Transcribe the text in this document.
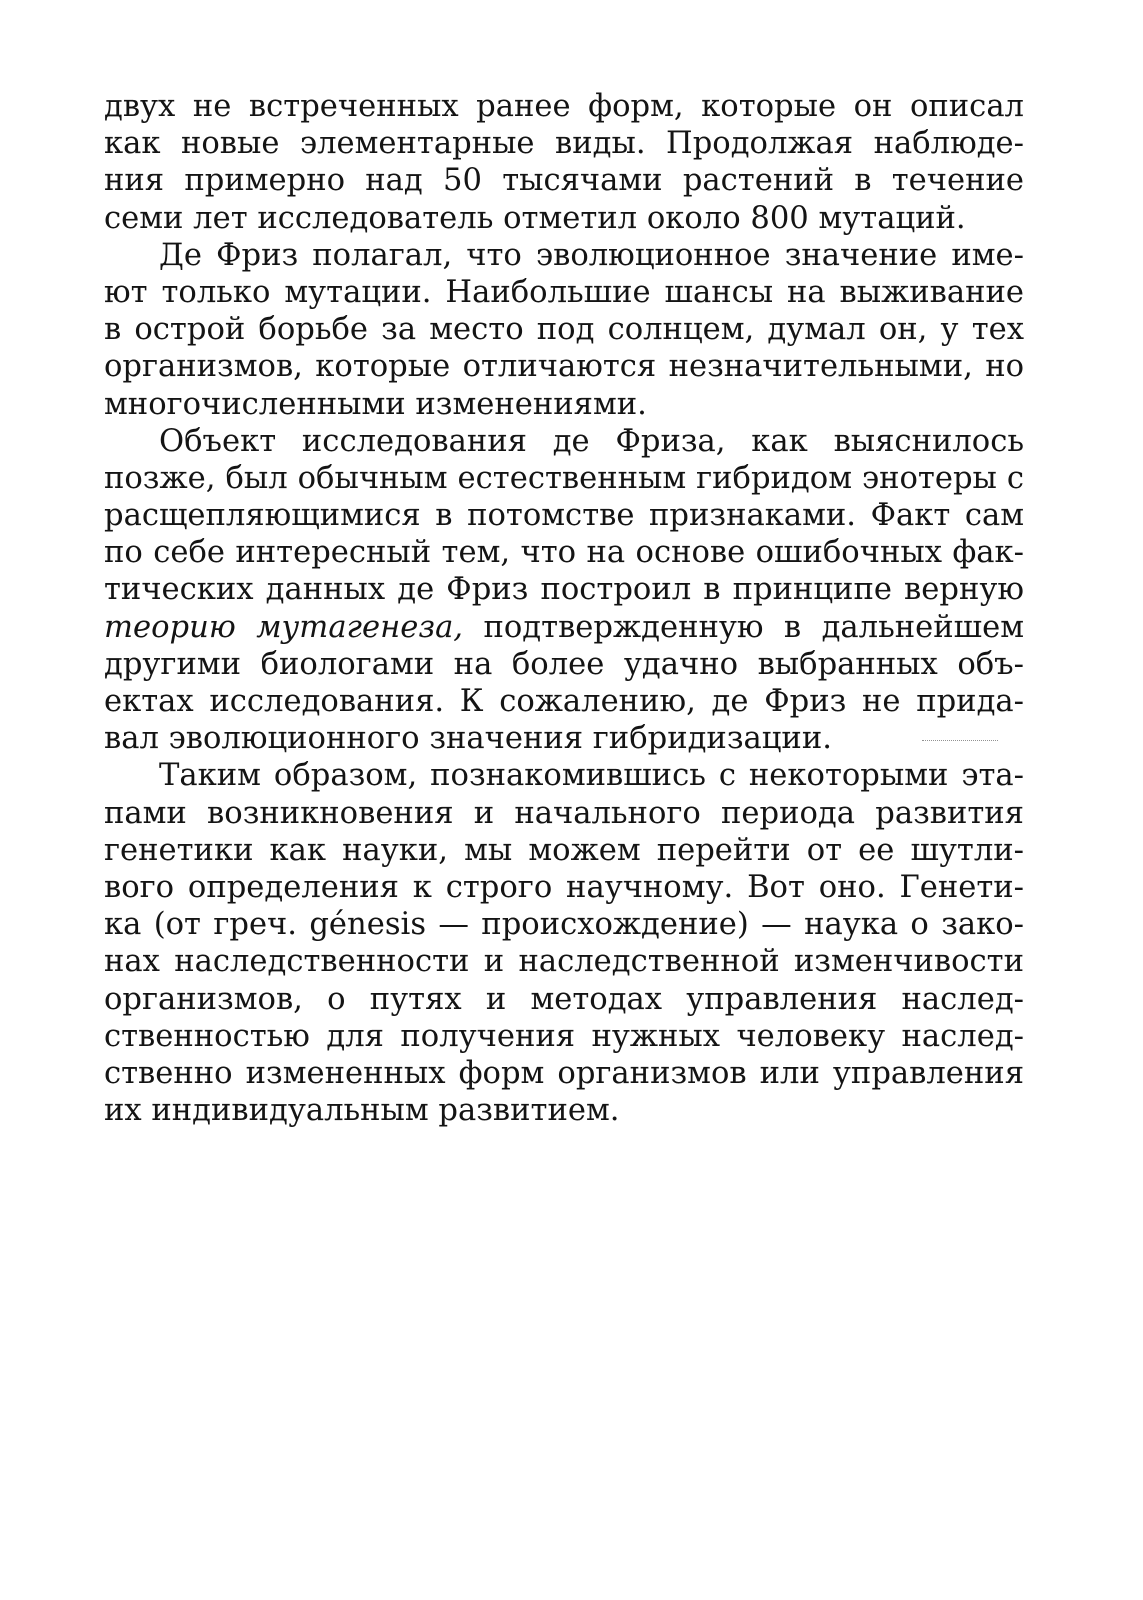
двух не встреченных ранее форм, которые он описал
как новые элементарные виды. Продолжая наблюде-
ния примерно над 50 тысячами растений в течение
семи лет исследователь отметил около 800 мутаций.
Де Фриз полагал, что эволюционное значение име-
ют только мутации. Наибольшие шансы на выживание
в острой борьбе за место под солнцем, думал он, у тех
организмов, которые отличаются незначительными, но
многочисленными изменениями.
Объект исследования де Фриза, как выяснилось
позже, был обычным естественным гибридом энотеры с
расщепляющимися в потомстве признаками. Факт сам
по себе интересный тем, что на основе ошибочных фак-
тических данных де Фриз построил в принципе верную
теорию мутагенеза, подтвержденную в дальнейшем
другими биологами на более удачно выбранных объ-
ектах исследования. К сожалению, де Фриз не прида-
вал эволюционного значения гибридизации.
Таким образом, познакомившись с некоторыми эта-
пами возникновения и начального периода развития
генетики как науки, мы можем перейти от ее шутли-
вого определения к строго научному. Вот оно. Генети-
ка (от греч. génesis — происхождение) — наука о зако-
нах наследственности и наследственной изменчивости
организмов, о путях и методах управления наслед-
ственностью для получения нужных человеку наслед-
ственно измененных форм организмов или управления
их индивидуальным развитием.
